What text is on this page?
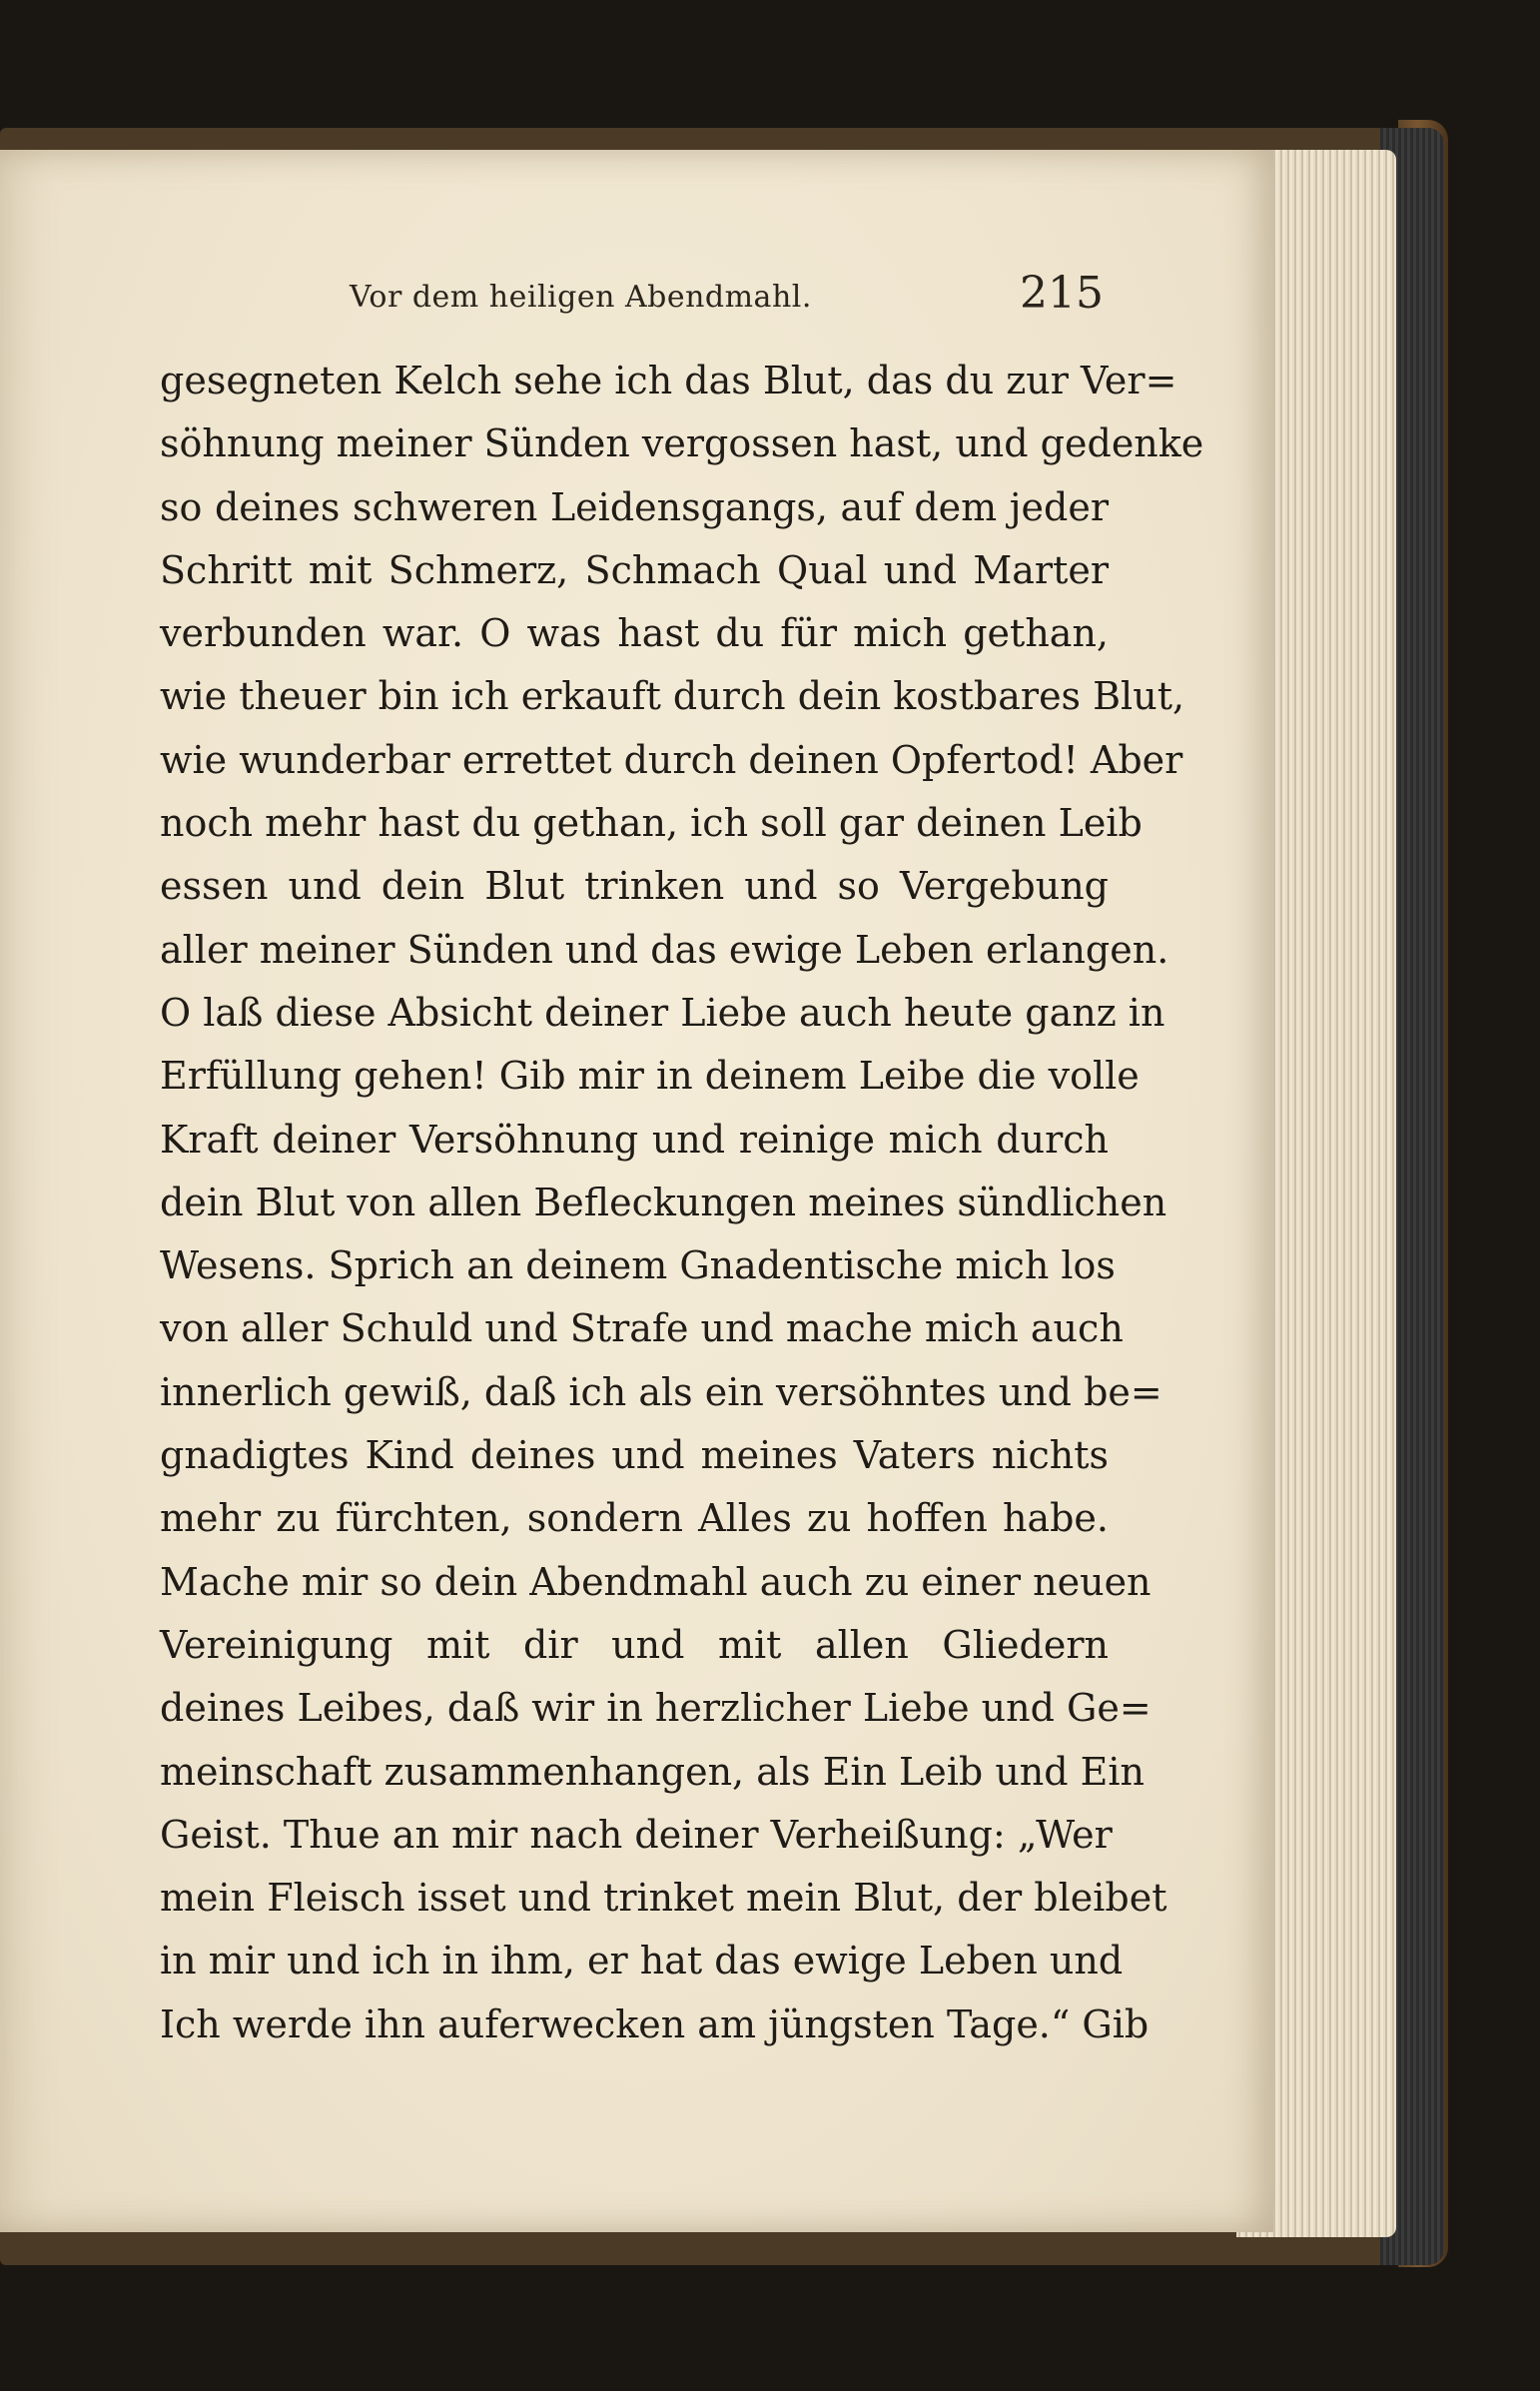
Vor dem heiligen Abendmahl.	215
gesegneten Kelch sehe ich das Blut, das du zur Ver=
söhnung meiner Sünden vergossen hast, und gedenke
so deines schweren Leidensgangs, auf dem jeder
Schritt mit Schmerz, Schmach Qual und Marter
verbunden war. O was hast du für mich gethan,
wie theuer bin ich erkauft durch dein kostbares Blut,
wie wunderbar errettet durch deinen Opfertod! Aber
noch mehr hast du gethan, ich soll gar deinen Leib
essen und dein Blut trinken und so Vergebung
aller meiner Sünden und das ewige Leben erlangen.
O laß diese Absicht deiner Liebe auch heute ganz in
Erfüllung gehen! Gib mir in deinem Leibe die volle
Kraft deiner Versöhnung und reinige mich durch
dein Blut von allen Befleckungen meines sündlichen
Wesens. Sprich an deinem Gnadentische mich los
von aller Schuld und Strafe und mache mich auch
innerlich gewiß, daß ich als ein versöhntes und be=
gnadigtes Kind deines und meines Vaters nichts
mehr zu fürchten, sondern Alles zu hoffen habe.
Mache mir so dein Abendmahl auch zu einer neuen
Vereinigung mit dir und mit allen Gliedern
deines Leibes, daß wir in herzlicher Liebe und Ge=
meinschaft zusammenhangen, als Ein Leib und Ein
Geist. Thue an mir nach deiner Verheißung: „Wer
mein Fleisch isset und trinket mein Blut, der bleibet
in mir und ich in ihm, er hat das ewige Leben und
Ich werde ihn auferwecken am jüngsten Tage.“ Gib
